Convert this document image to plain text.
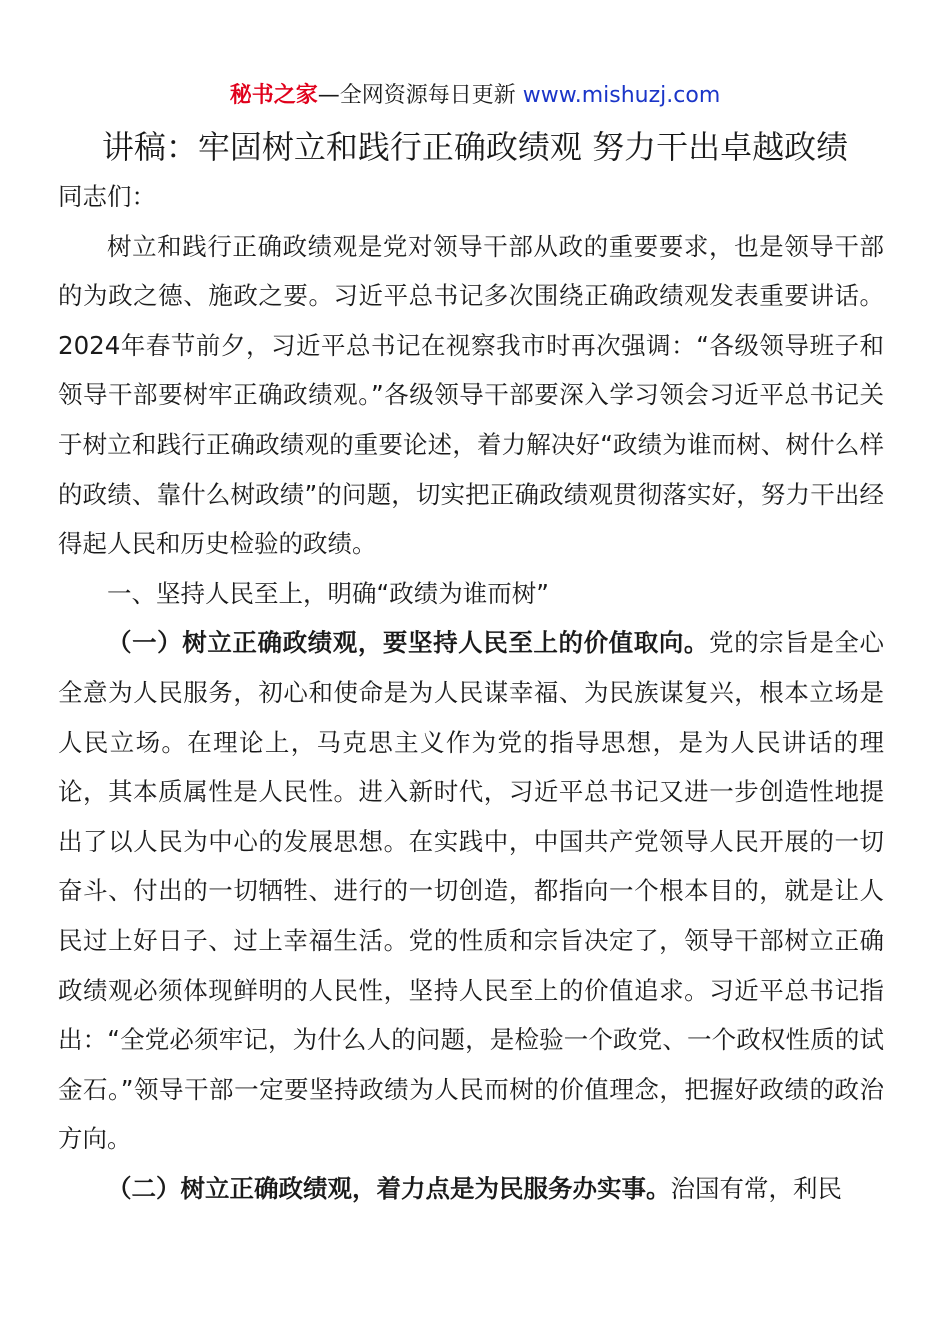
秘书之家—全网资源每日更新 www.mishuzj.com
讲稿：牢固树立和践行正确政绩观 努力干出卓越政绩

同志们：

树立和践行正确政绩观是党对领导干部从政的重要要求，也是领导干部的为政之德、施政之要。习近平总书记多次围绕正确政绩观发表重要讲话。2024年春节前夕，习近平总书记在视察我市时再次强调：“各级领导班子和领导干部要树牢正确政绩观。”各级领导干部要深入学习领会习近平总书记关于树立和践行正确政绩观的重要论述，着力解决好“政绩为谁而树、树什么样的政绩、靠什么树政绩”的问题，切实把正确政绩观贯彻落实好，努力干出经得起人民和历史检验的政绩。

一、坚持人民至上，明确“政绩为谁而树”

（一）树立正确政绩观，要坚持人民至上的价值取向。党的宗旨是全心全意为人民服务，初心和使命是为人民谋幸福、为民族谋复兴，根本立场是人民立场。在理论上，马克思主义作为党的指导思想，是为人民讲话的理论，其本质属性是人民性。进入新时代，习近平总书记又进一步创造性地提出了以人民为中心的发展思想。在实践中，中国共产党领导人民开展的一切奋斗、付出的一切牺牲、进行的一切创造，都指向一个根本目的，就是让人民过上好日子、过上幸福生活。党的性质和宗旨决定了，领导干部树立正确政绩观必须体现鲜明的人民性，坚持人民至上的价值追求。习近平总书记指出：“全党必须牢记，为什么人的问题，是检验一个政党、一个政权性质的试金石。”领导干部一定要坚持政绩为人民而树的价值理念，把握好政绩的政治方向。

（二）树立正确政绩观，着力点是为民服务办实事。治国有常，利民
